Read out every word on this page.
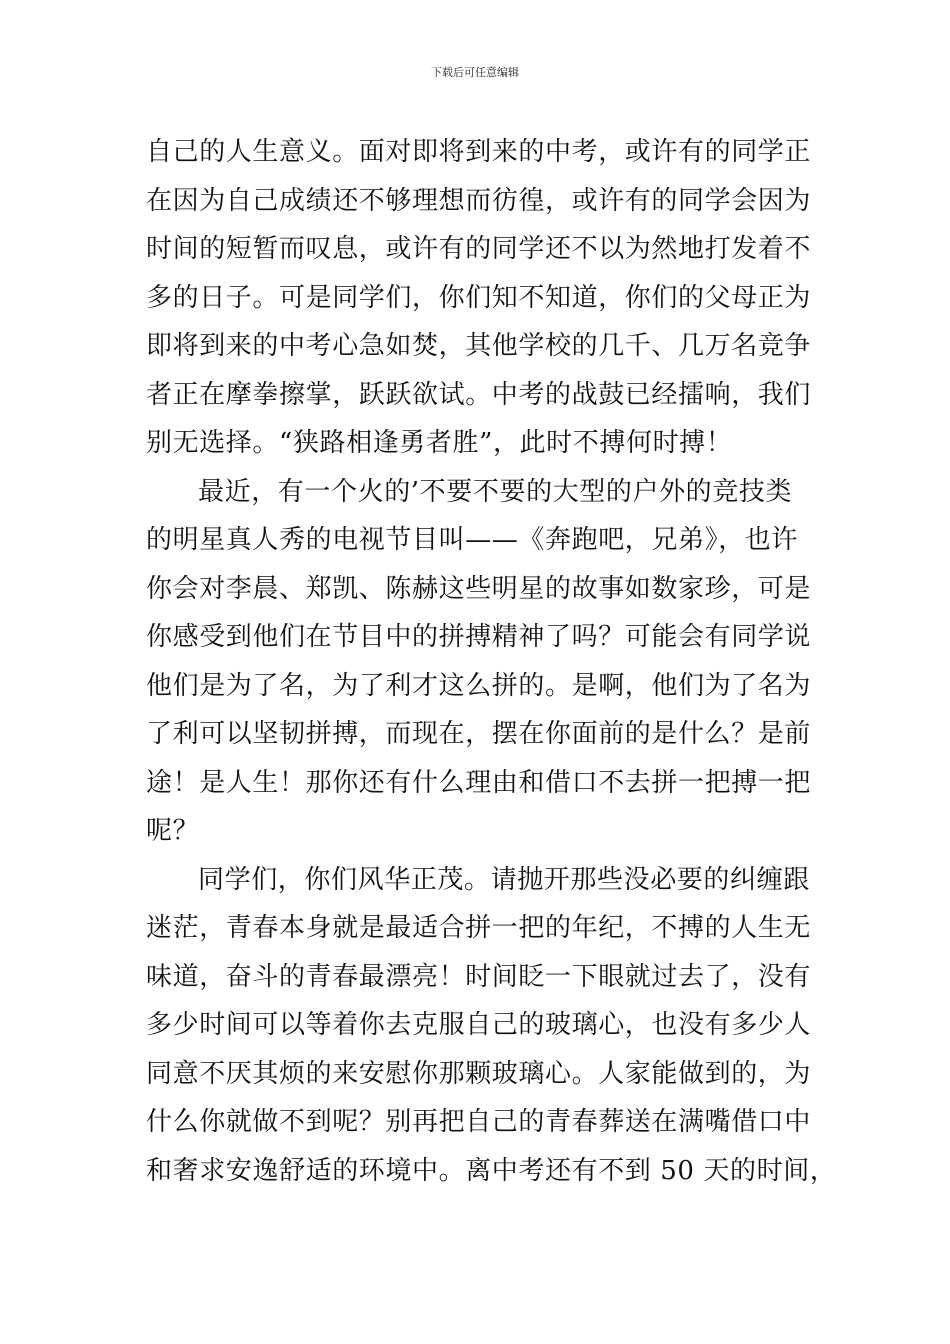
下载后可任意编辑
自己的人生意义。面对即将到来的中考，或许有的同学正
在因为自己成绩还不够理想而彷徨，或许有的同学会因为
时间的短暂而叹息，或许有的同学还不以为然地打发着不
多的日子。可是同学们，你们知不知道，你们的父母正为
即将到来的中考心急如焚，其他学校的几千、几万名竞争
者正在摩拳擦掌，跃跃欲试。中考的战鼓已经擂响，我们
别无选择。“狭路相逢勇者胜”，此时不搏何时搏！
最近，有一个火的’不要不要的大型的户外的竞技类
的明星真人秀的电视节目叫——《奔跑吧，兄弟》，也许
你会对李晨、郑凯、陈赫这些明星的故事如数家珍，可是
你感受到他们在节目中的拼搏精神了吗？可能会有同学说
他们是为了名，为了利才这么拼的。是啊，他们为了名为
了利可以坚韧拼搏，而现在，摆在你面前的是什么？是前
途！是人生！那你还有什么理由和借口不去拼一把搏一把
呢？
同学们，你们风华正茂。请抛开那些没必要的纠缠跟
迷茫，青春本身就是最适合拼一把的年纪，不搏的人生无
味道，奋斗的青春最漂亮！时间眨一下眼就过去了，没有
多少时间可以等着你去克服自己的玻璃心，也没有多少人
同意不厌其烦的来安慰你那颗玻璃心。人家能做到的，为
什么你就做不到呢？别再把自己的青春葬送在满嘴借口中
和奢求安逸舒适的环境中。离中考还有不到 50 天的时间，
